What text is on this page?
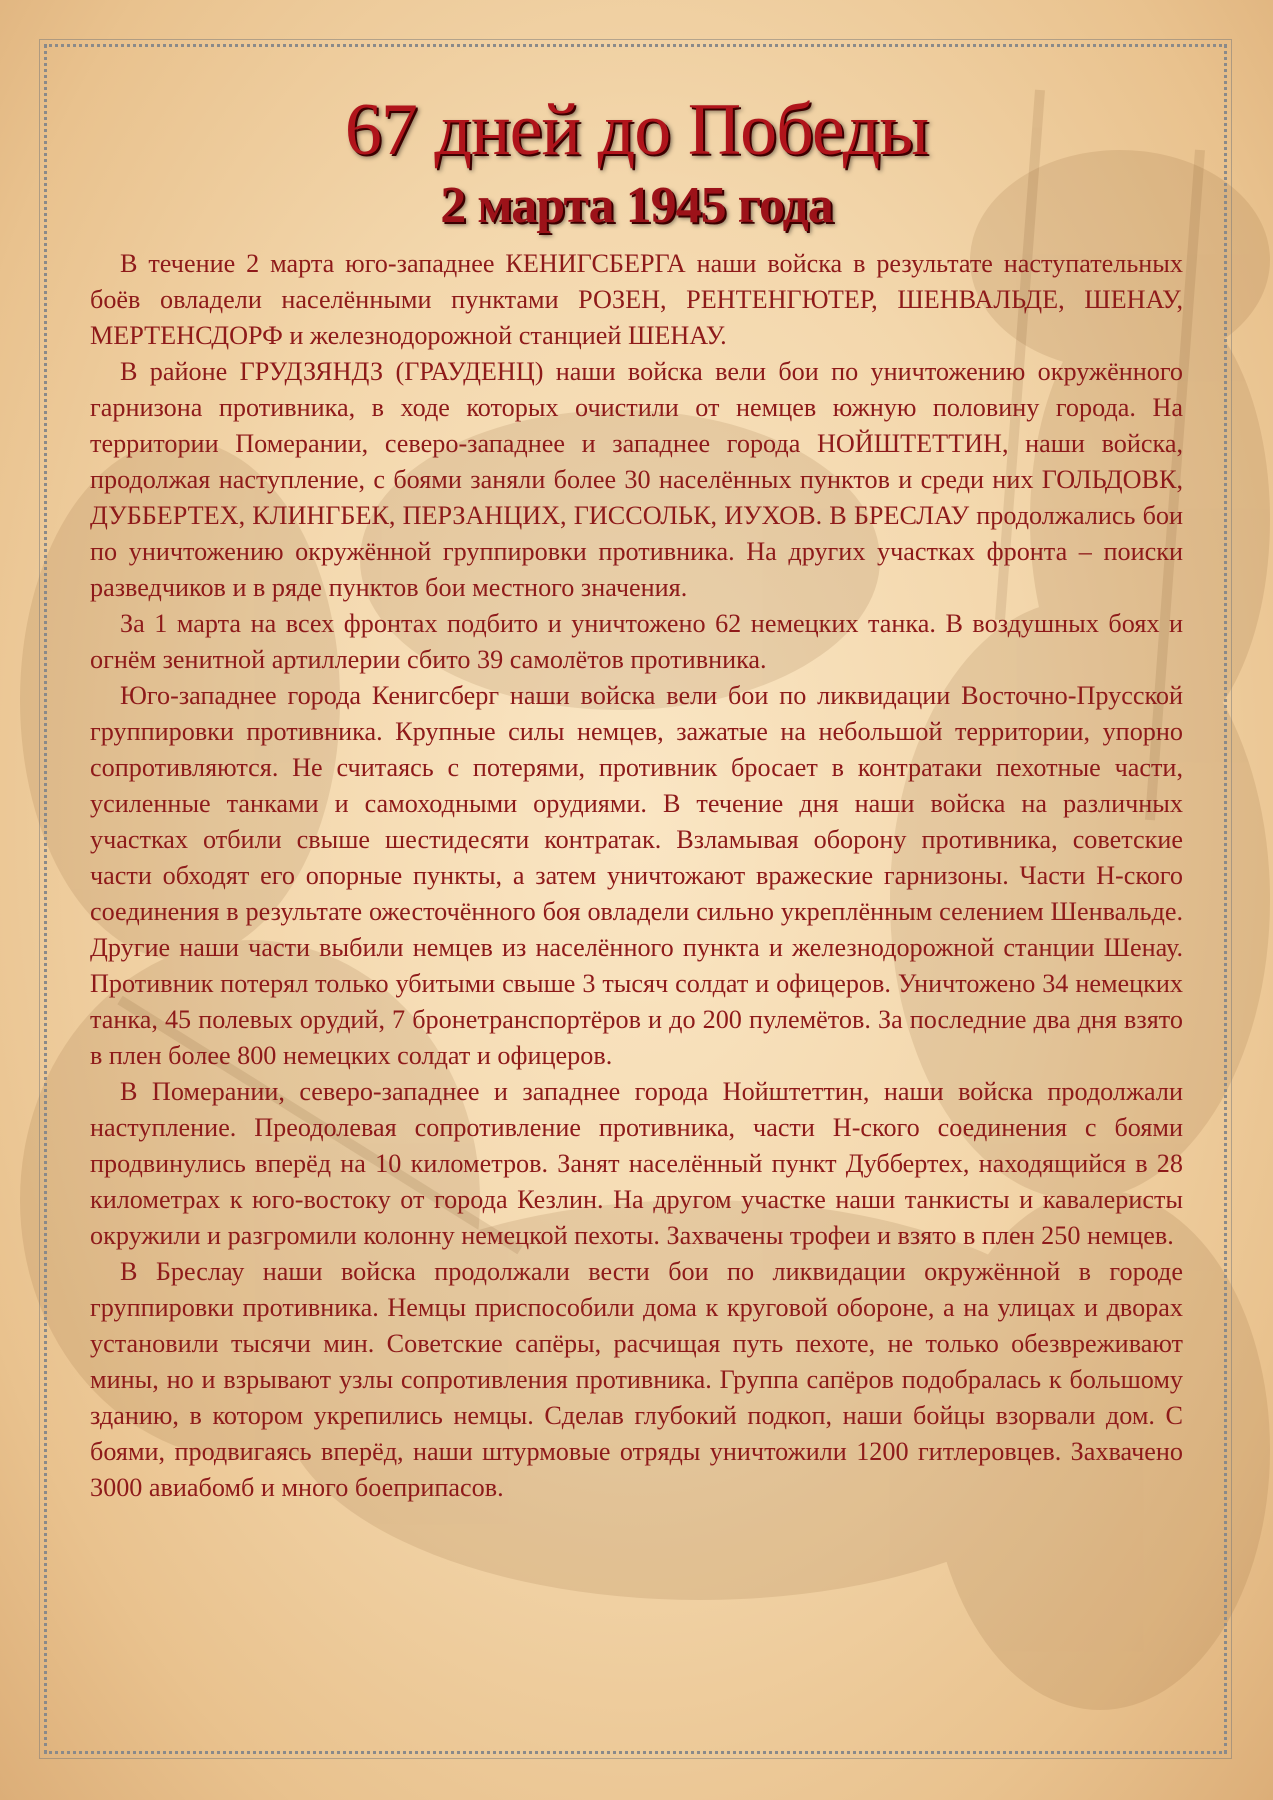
67 дней до Победы
2 марта 1945 года

В течение 2 марта юго-западнее КЕНИГСБЕРГА наши войска в результате наступательных боёв овладели населёнными пунктами РОЗЕН, РЕНТЕНГЮТЕР, ШЕНВАЛЬДЕ, ШЕНАУ, МЕРТЕНСДОРФ и железнодорожной станцией ШЕНАУ.

В районе ГРУДЗЯНДЗ (ГРАУДЕНЦ) наши войска вели бои по уничтожению окружённого гарнизона противника, в ходе которых очистили от немцев южную половину города. На территории Померании, северо-западнее и западнее города НОЙШТЕТТИН, наши войска, продолжая наступление, с боями заняли более 30 населённых пунктов и среди них ГОЛЬДОВК, ДУББЕРТЕХ, КЛИНГБЕК, ПЕРЗАНЦИХ, ГИССОЛЬК, ИУХОВ. В БРЕСЛАУ продолжались бои по уничтожению окружённой группировки противника. На других участках фронта – поиски разведчиков и в ряде пунктов бои местного значения.

За 1 марта на всех фронтах подбито и уничтожено 62 немецких танка. В воздушных боях и огнём зенитной артиллерии сбито 39 самолётов противника.

Юго-западнее города Кенигсберг наши войска вели бои по ликвидации Восточно-Прусской группировки противника. Крупные силы немцев, зажатые на небольшой территории, упорно сопротивляются. Не считаясь с потерями, противник бросает в контратаки пехотные части, усиленные танками и самоходными орудиями. В течение дня наши войска на различных участках отбили свыше шестидесяти контратак. Взламывая оборону противника, советские части обходят его опорные пункты, а затем уничтожают вражеские гарнизоны. Части Н-ского соединения в результате ожесточённого боя овладели сильно укреплённым селением Шенвальде. Другие наши части выбили немцев из населённого пункта и железнодорожной станции Шенау. Противник потерял только убитыми свыше 3 тысяч солдат и офицеров. Уничтожено 34 немецких танка, 45 полевых орудий, 7 бронетранспортёров и до 200 пулемётов. За последние два дня взято в плен более 800 немецких солдат и офицеров.

В Померании, северо-западнее и западнее города Нойштеттин, наши войска продолжали наступление. Преодолевая сопротивление противника, части Н-ского соединения с боями продвинулись вперёд на 10 километров. Занят населённый пункт Дуббертех, находящийся в 28 километрах к юго-востоку от города Кезлин. На другом участке наши танкисты и кавалеристы окружили и разгромили колонну немецкой пехоты. Захвачены трофеи и взято в плен 250 немцев.

В Бреслау наши войска продолжали вести бои по ликвидации окружённой в городе группировки противника. Немцы приспособили дома к круговой обороне, а на улицах и дворах установили тысячи мин. Советские сапёры, расчищая путь пехоте, не только обезвреживают мины, но и взрывают узлы сопротивления противника. Группа сапёров подобралась к большому зданию, в котором укрепились немцы. Сделав глубокий подкоп, наши бойцы взорвали дом. С боями, продвигаясь вперёд, наши штурмовые отряды уничтожили 1200 гитлеровцев. Захвачено 3000 авиабомб и много боеприпасов.
